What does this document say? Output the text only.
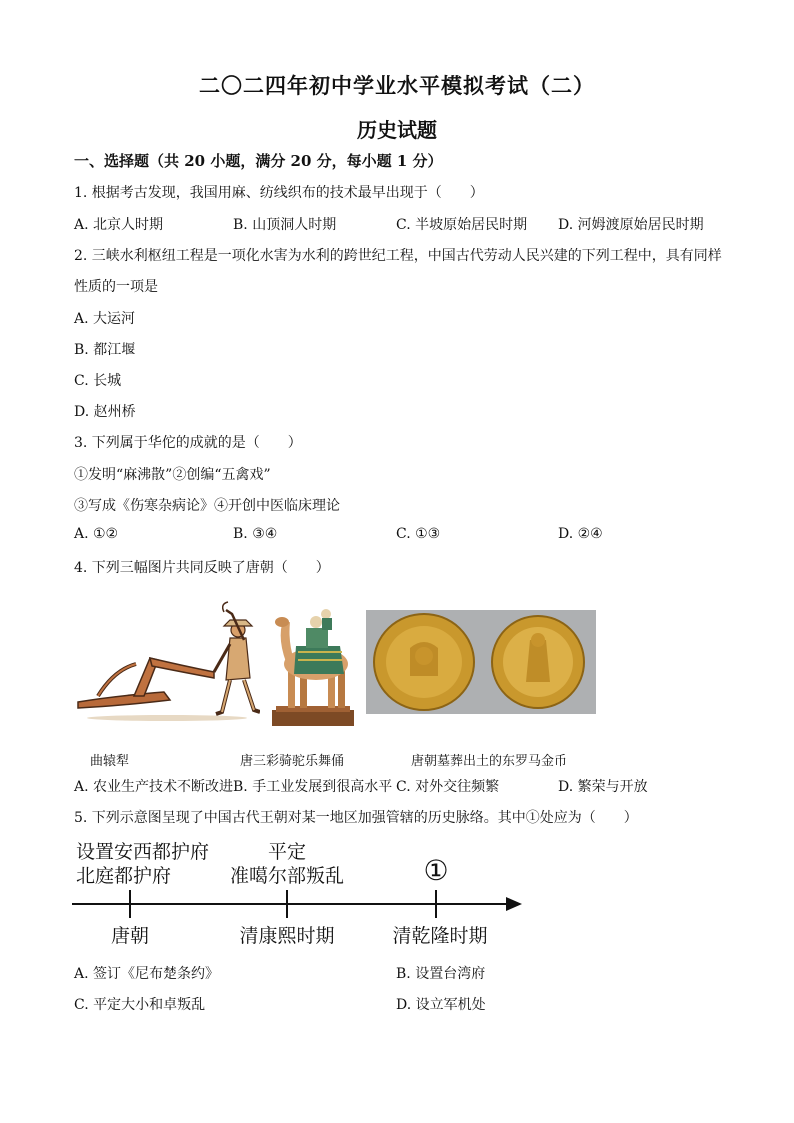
二〇二四年初中学业水平模拟考试（二）
历史试题
一、选择题（共 20 小题，满分 20 分，每小题 1 分）
1. 根据考古发现，我国用麻、纺线织布的技术最早出现于（　　）
A. 北京人时期	B. 山顶洞人时期	C. 半坡原始居民时期 D. 河姆渡原始居民时期
2. 三峡水利枢纽工程是一项化水害为水利的跨世纪工程，中国古代劳动人民兴建的下列工程中，具有同样
性质的一项是
A. 大运河
B. 都江堰
C. 长城
D. 赵州桥
3. 下列属于华佗的成就的是（　　）
①发明“麻沸散”②创编“五禽戏”
③写成《伤寒杂病论》④开创中医临床理论
A. ①②	B. ③④	C. ①③	D. ②④
4. 下列三幅图片共同反映了唐朝（　　）
曲辕犁	唐三彩骑驼乐舞俑	唐朝墓葬出土的东罗马金币
A. 农业生产技术不断改进 B. 手工业发展到很高水平 C. 对外交往频繁	D. 繁荣与开放
5. 下列示意图呈现了中国古代王朝对某一地区加强管辖的历史脉络。其中①处应为（　　）
设置安西都护府
北庭都护府
平定
准噶尔部叛乱	①
唐朝	清康熙时期	清乾隆时期
A. 签订《尼布楚条约》	B. 设置台湾府
C. 平定大小和卓叛乱	D. 设立军机处
